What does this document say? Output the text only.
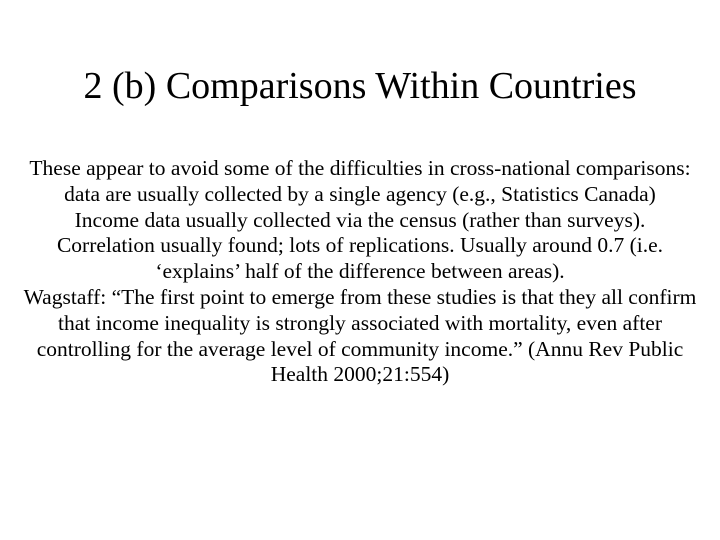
2 (b) Comparisons Within Countries

These appear to avoid some of the difficulties in cross-national comparisons: data are usually collected by a single agency (e.g., Statistics Canada)

Income data usually collected via the census (rather than surveys).

Correlation usually found; lots of replications. Usually around 0.7 (i.e. ‘explains’ half of the difference between areas).

Wagstaff: “The first point to emerge from these studies is that they all confirm that income inequality is strongly associated with mortality, even after controlling for the average level of community income.” (Annu Rev Public Health 2000;21:554)
